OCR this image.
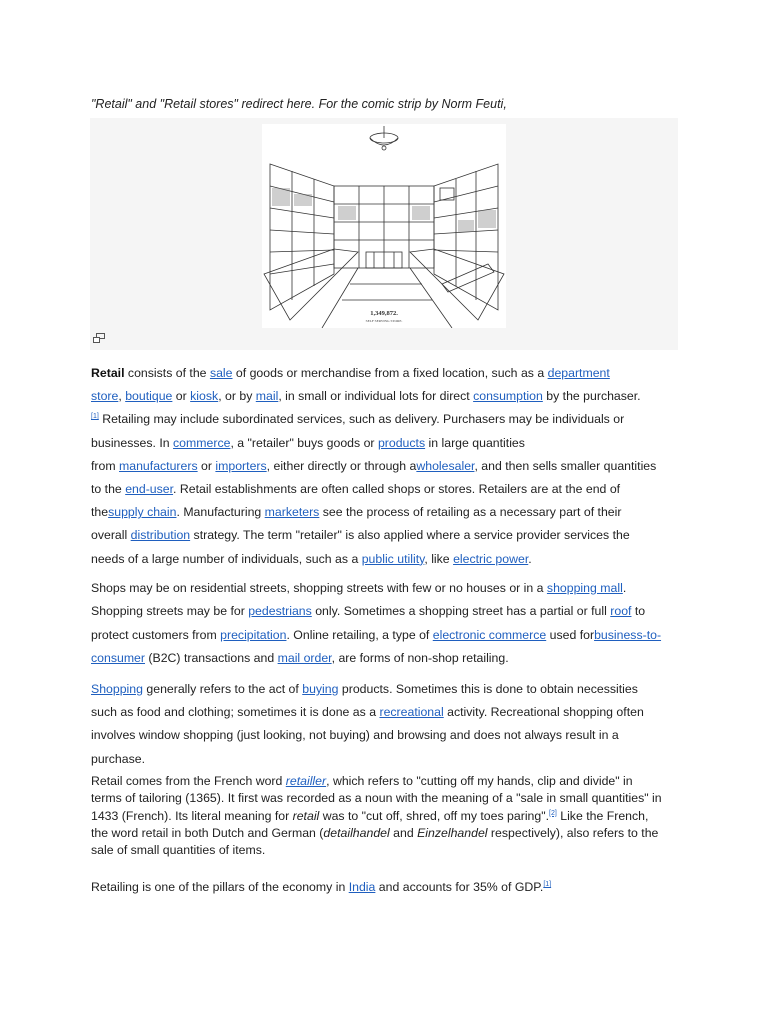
"Retail" and "Retail stores" redirect here. For the comic strip by Norm Feuti,
1,349,872.
SELF SERVING STORE.
Retail consists of the sale of goods or merchandise from a fixed location, such as a department
store, boutique or kiosk, or by mail, in small or individual lots for direct consumption by the purchaser.
[1] Retailing may include subordinated services, such as delivery. Purchasers may be individuals or
businesses. In commerce, a "retailer" buys goods or products in large quantities
from manufacturers or importers, either directly or through awholesaler, and then sells smaller quantities
to the end-user. Retail establishments are often called shops or stores. Retailers are at the end of
thesupply chain. Manufacturing marketers see the process of retailing as a necessary part of their
overall distribution strategy. The term "retailer" is also applied where a service provider services the
needs of a large number of individuals, such as a public utility, like electric power.
Shops may be on residential streets, shopping streets with few or no houses or in a shopping mall.
Shopping streets may be for pedestrians only. Sometimes a shopping street has a partial or full roof to
protect customers from precipitation. Online retailing, a type of electronic commerce used forbusiness-to-
consumer (B2C) transactions and mail order, are forms of non-shop retailing.
Shopping generally refers to the act of buying products. Sometimes this is done to obtain necessities
such as food and clothing; sometimes it is done as a recreational activity. Recreational shopping often
involves window shopping (just looking, not buying) and browsing and does not always result in a
purchase.
Retail comes from the French word retailler, which refers to "cutting off my hands, clip and divide" in
terms of tailoring (1365). It first was recorded as a noun with the meaning of a "sale in small quantities" in
1433 (French). Its literal meaning for retail was to "cut off, shred, off my toes paring".[2] Like the French,
the word retail in both Dutch and German (detailhandel and Einzelhandel respectively), also refers to the
sale of small quantities of items.
Retailing is one of the pillars of the economy in India and accounts for 35% of GDP.[1]
